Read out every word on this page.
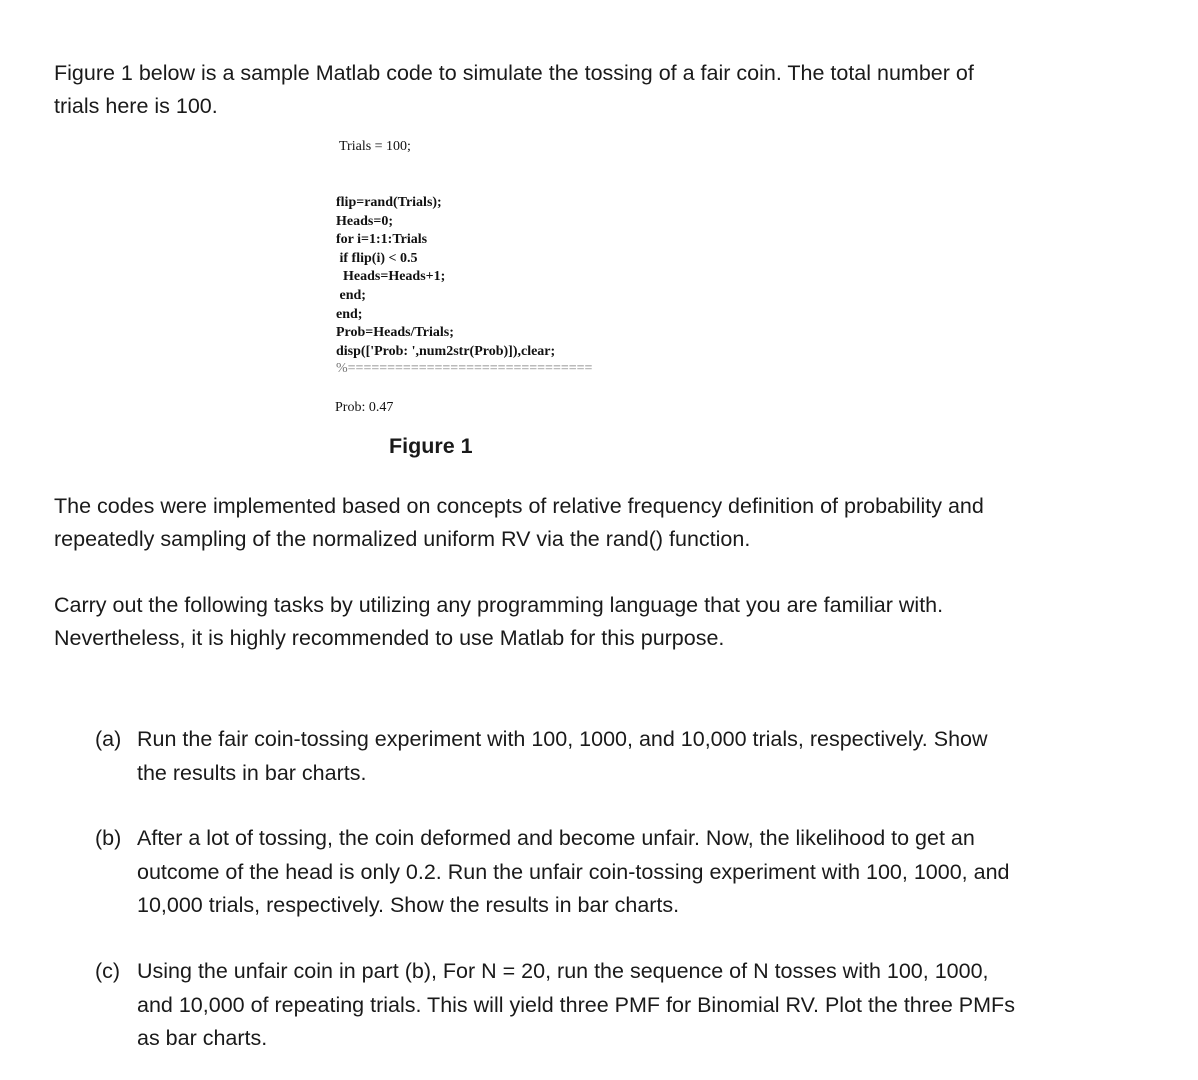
Figure 1 below is a sample Matlab code to simulate the tossing of a fair coin. The total number of
trials here is 100.

Trials = 100;
flip=rand(Trials);
Heads=0;
for i=1:1:Trials
if flip(i) < 0.5
Heads=Heads+1;
end;
end;
Prob=Heads/Trials;
disp(['Prob: ',num2str(Prob)]),clear;
%===============================
Prob: 0.47

Figure 1

The codes were implemented based on concepts of relative frequency definition of probability and
repeatedly sampling of the normalized uniform RV via the rand() function.

Carry out the following tasks by utilizing any programming language that you are familiar with.
Nevertheless, it is highly recommended to use Matlab for this purpose.

(a) Run the fair coin-tossing experiment with 100, 1000, and 10,000 trials, respectively. Show
the results in bar charts.
(b) After a lot of tossing, the coin deformed and become unfair. Now, the likelihood to get an
outcome of the head is only 0.2. Run the unfair coin-tossing experiment with 100, 1000, and
10,000 trials, respectively. Show the results in bar charts.
(c) Using the unfair coin in part (b), For N = 20, run the sequence of N tosses with 100, 1000,
and 10,000 of repeating trials. This will yield three PMF for Binomial RV. Plot the three PMFs
as bar charts.
